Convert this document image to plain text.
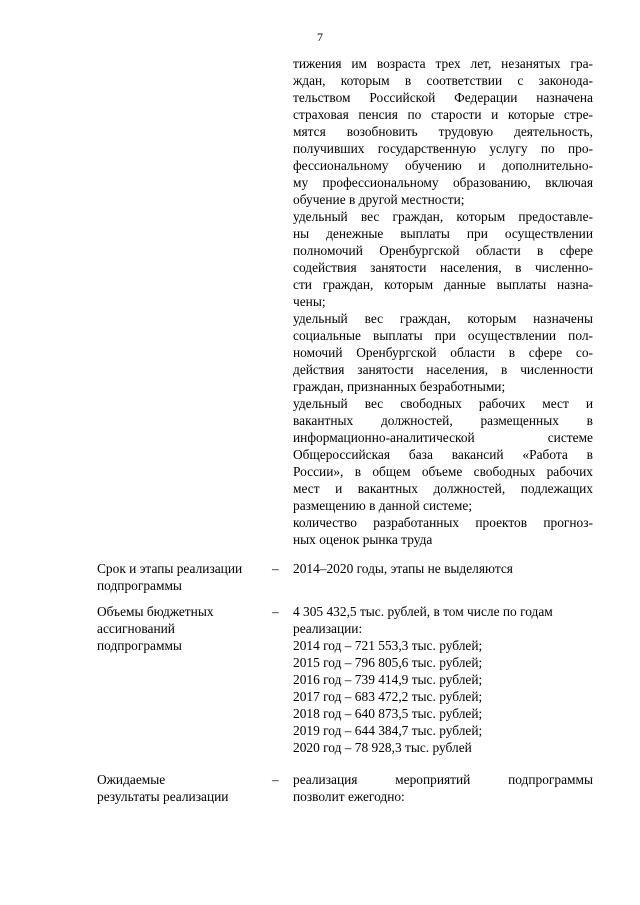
7
тижения им возраста трех лет, незанятых гра-
ждан, которым в соответствии с законода-
тельством Российской Федерации назначена
страховая пенсия по старости и которые стре-
мятся возобновить трудовую деятельность,
получивших государственную услугу по про-
фессиональному обучению и дополнительно-
му профессиональному образованию, включая
обучение в другой местности;
удельный вес граждан, которым предоставле-
ны денежные выплаты при осуществлении
полномочий Оренбургской области в сфере
содействия занятости населения, в численно-
сти граждан, которым данные выплаты назна-
чены;
удельный вес граждан, которым назначены
социальные выплаты при осуществлении пол-
номочий Оренбургской области в сфере со-
действия занятости населения, в численности
граждан, признанных безработными;
удельный вес свободных рабочих мест и
вакантных должностей, размещенных в
информационно-аналитической системе
Общероссийская база вакансий «Работа в
России», в общем объеме свободных рабочих
мест и вакантных должностей, подлежащих
размещению в данной системе;
количество разработанных проектов прогноз-
ных оценок рынка труда
Срок и этапы реализации
подпрограммы
– 2014–2020 годы, этапы не выделяются
Объемы бюджетных
ассигнований
подпрограммы
– 4 305 432,5 тыс. рублей, в том числе по годам
реализации:
2014 год – 721 553,3 тыс. рублей;
2015 год – 796 805,6 тыс. рублей;
2016 год – 739 414,9 тыс. рублей;
2017 год – 683 472,2 тыс. рублей;
2018 год – 640 873,5 тыс. рублей;
2019 год – 644 384,7 тыс. рублей;
2020 год – 78 928,3 тыс. рублей
Ожидаемые
результаты реализации
– реализация мероприятий подпрограммы
позволит ежегодно:
